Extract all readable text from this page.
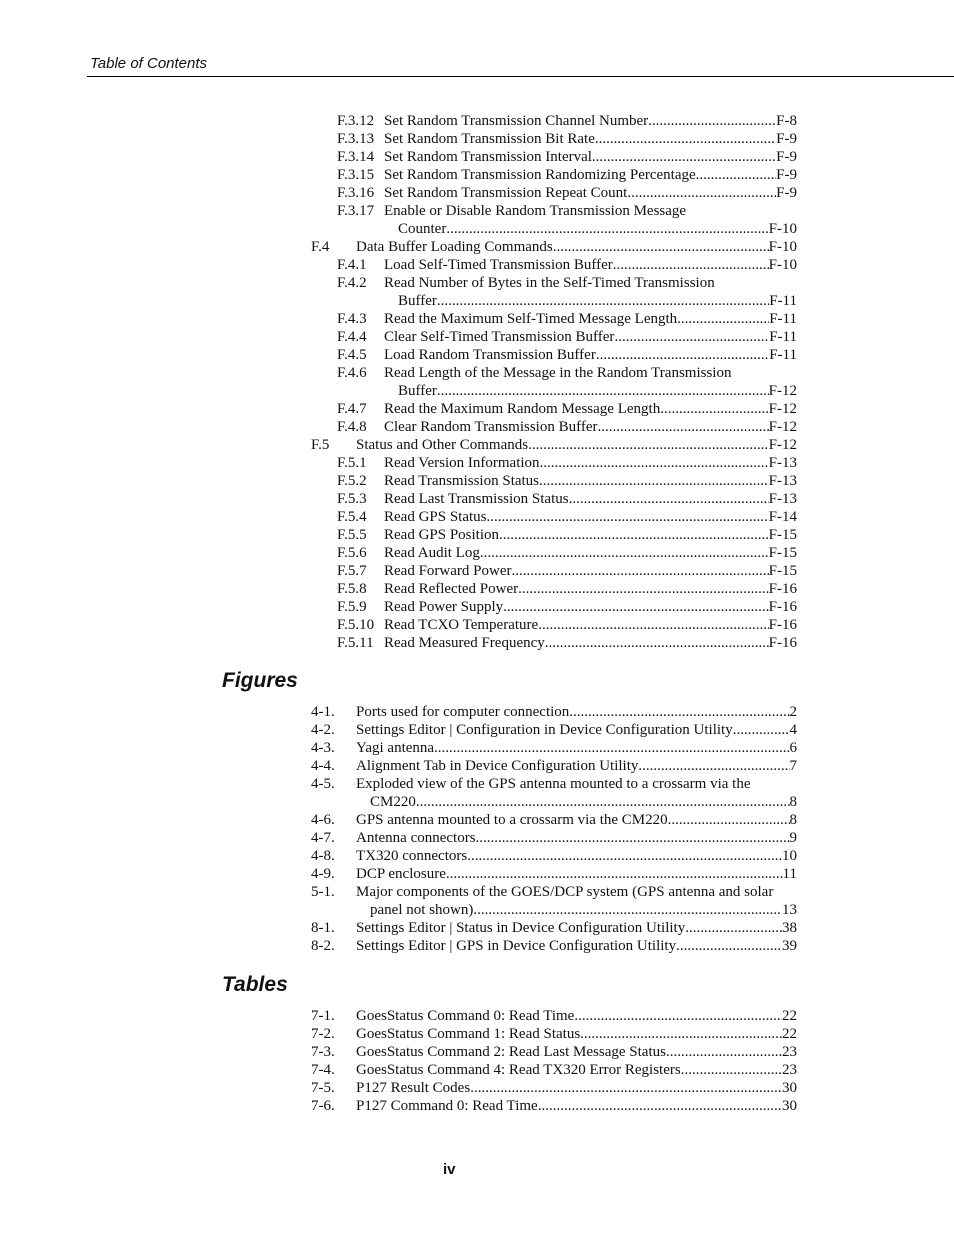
Table of Contents
F.3.12 Set Random Transmission Channel Number .....	F-8
F.3.13 Set Random Transmission Bit Rate .....	F-9
F.3.14 Set Random Transmission Interval .....	F-9
F.3.15 Set Random Transmission Randomizing Percentage .....	F-9
F.3.16 Set Random Transmission Repeat Count .....	F-9
F.3.17 Enable or Disable Random Transmission Message
Counter .....	F-10
F.4	Data Buffer Loading Commands .....	F-10
F.4.1	Load Self-Timed Transmission Buffer .....	F-10
F.4.2	Read Number of Bytes in the Self-Timed Transmission
Buffer .....	F-11
F.4.3	Read the Maximum Self-Timed Message Length .....	F-11
F.4.4	Clear Self-Timed Transmission Buffer .....	F-11
F.4.5	Load Random Transmission Buffer .....	F-11
F.4.6	Read Length of the Message in the Random Transmission
Buffer .....	F-12
F.4.7	Read the Maximum Random Message Length .....	F-12
F.4.8	Clear Random Transmission Buffer .....	F-12
F.5	Status and Other Commands .....	F-12
F.5.1	Read Version Information .....	F-13
F.5.2	Read Transmission Status .....	F-13
F.5.3	Read Last Transmission Status .....	F-13
F.5.4	Read GPS Status .....	F-14
F.5.5	Read GPS Position .....	F-15
F.5.6	Read Audit Log .....	F-15
F.5.7	Read Forward Power .....	F-15
F.5.8	Read Reflected Power .....	F-16
F.5.9	Read Power Supply .....	F-16
F.5.10 Read TCXO Temperature .....	F-16
F.5.11 Read Measured Frequency .....	F-16
Figures
4-1.	Ports used for computer connection .....	2
4-2.	Settings Editor | Configuration in Device Configuration Utility .....	4
4-3.	Yagi antenna .....	6
4-4.	Alignment Tab in Device Configuration Utility .....	7
4-5.	Exploded view of the GPS antenna mounted to a crossarm via the
CM220. .....	8
4-6.	GPS antenna mounted to a crossarm via the CM220 .....	8
4-7.	Antenna connectors .....	9
4-8.	TX320 connectors .....	10
4-9.	DCP enclosure .....	11
5-1.	Major components of the GOES/DCP system (GPS antenna and solar
panel not shown) .....	13
8-1.	Settings Editor | Status in Device Configuration Utility .....	38
8-2.	Settings Editor | GPS in Device Configuration Utility .....	39
Tables
7-1.	GoesStatus Command 0: Read Time .....	22
7-2.	GoesStatus Command 1: Read Status .....	22
7-3.	GoesStatus Command 2: Read Last Message Status .....	23
7-4.	GoesStatus Command 4: Read TX320 Error Registers .....	23
7-5.	P127 Result Codes .....	30
7-6.	P127 Command 0: Read Time .....	30
iv
